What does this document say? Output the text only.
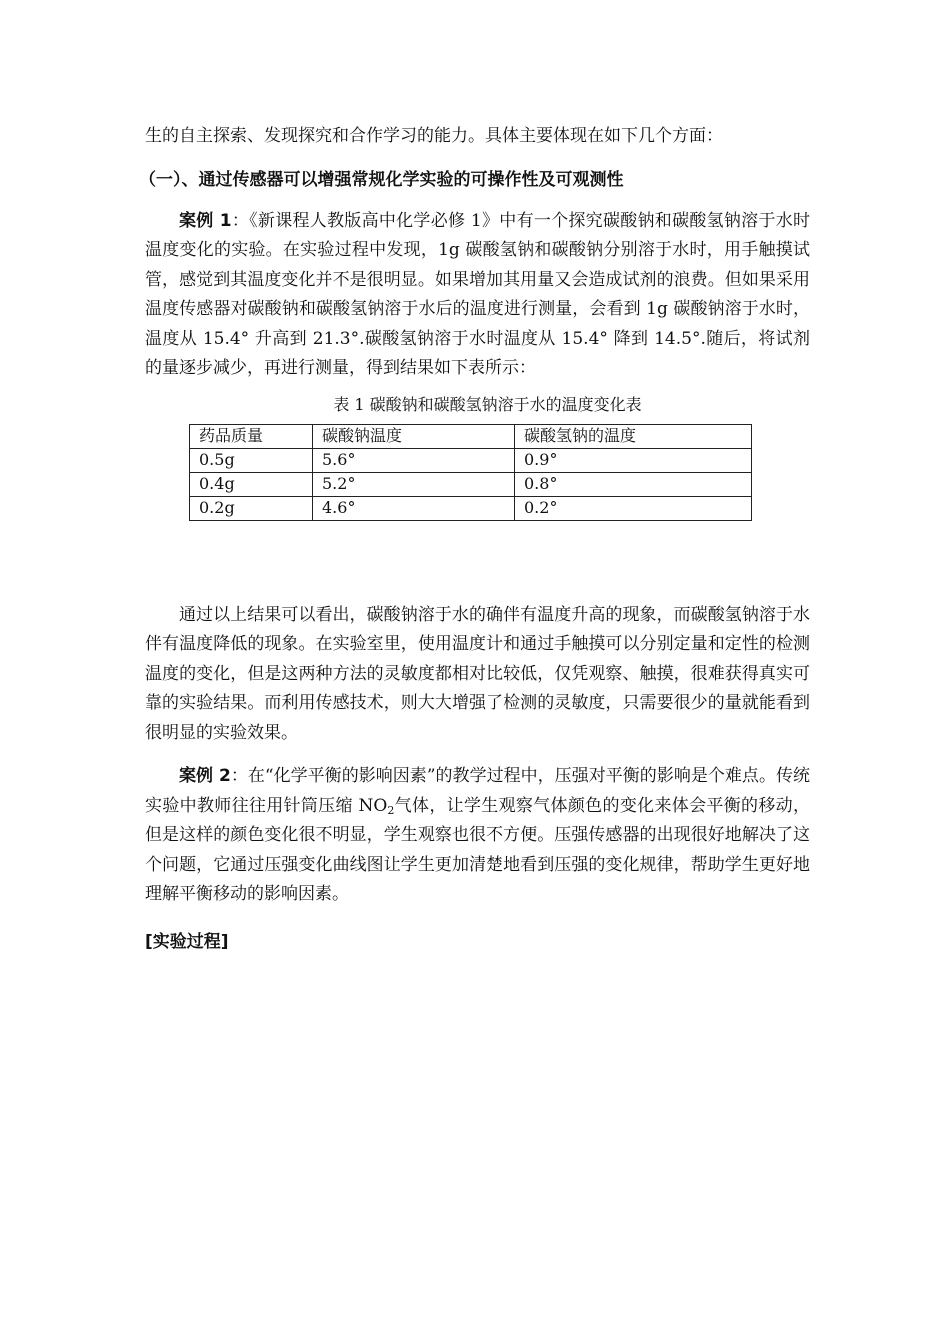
生的自主探索、发现探究和合作学习的能力。具体主要体现在如下几个方面：

（一）、通过传感器可以增强常规化学实验的可操作性及可观测性

案例 1：《新课程人教版高中化学必修 1》中有一个探究碳酸钠和碳酸氢钠溶于水时温度变化的实验。在实验过程中发现，1g 碳酸氢钠和碳酸钠分别溶于水时，用手触摸试管，感觉到其温度变化并不是很明显。如果增加其用量又会造成试剂的浪费。但如果采用温度传感器对碳酸钠和碳酸氢钠溶于水后的温度进行测量，会看到 1g 碳酸钠溶于水时，温度从 15.4° 升高到 21.3°.碳酸氢钠溶于水时温度从 15.4° 降到 14.5°.随后，将试剂的量逐步减少，再进行测量，得到结果如下表所示：

表 1 碳酸钠和碳酸氢钠溶于水的温度变化表

药品质量	碳酸钠温度	碳酸氢钠的温度
0.5g	5.6°	0.9°
0.4g	5.2°	0.8°
0.2g	4.6°	0.2°

通过以上结果可以看出，碳酸钠溶于水的确伴有温度升高的现象，而碳酸氢钠溶于水伴有温度降低的现象。在实验室里，使用温度计和通过手触摸可以分别定量和定性的检测温度的变化，但是这两种方法的灵敏度都相对比较低，仅凭观察、触摸，很难获得真实可靠的实验结果。而利用传感技术，则大大增强了检测的灵敏度，只需要很少的量就能看到很明显的实验效果。

案例 2：在“化学平衡的影响因素”的教学过程中，压强对平衡的影响是个难点。传统实验中教师往往用针筒压缩 $NO_2$气体，让学生观察气体颜色的变化来体会平衡的移动，但是这样的颜色变化很不明显，学生观察也很不方便。压强传感器的出现很好地解决了这个问题，它通过压强变化曲线图让学生更加清楚地看到压强的变化规律，帮助学生更好地理解平衡移动的影响因素。

[实验过程]
